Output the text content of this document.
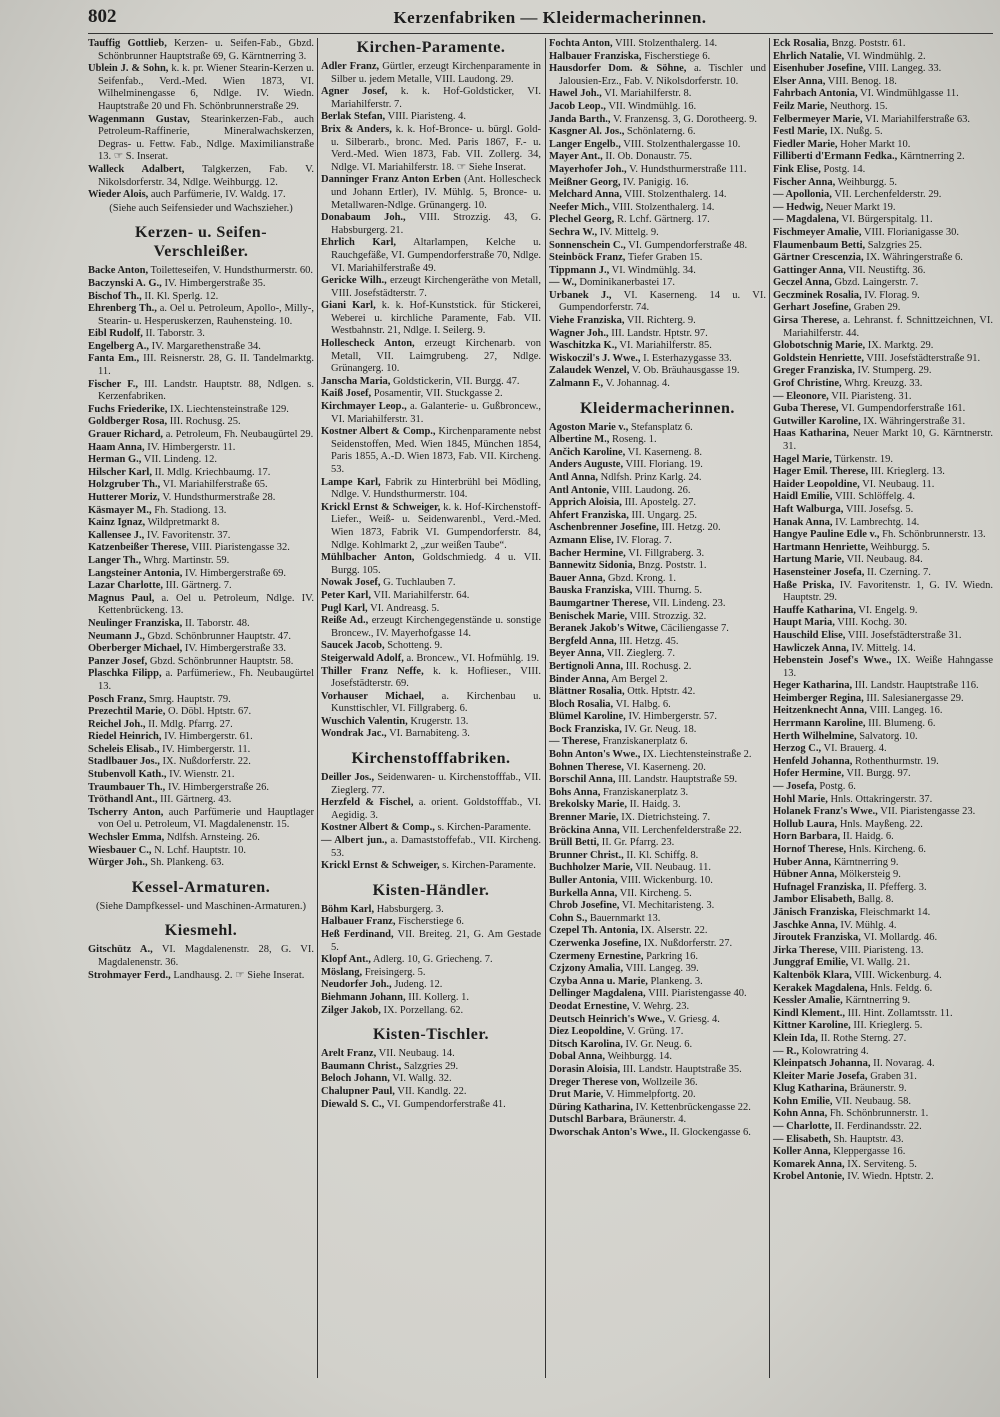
802	Kerzenfabriken — Kleidermacherinnen.
Tauffig Gottlieb, Kerzen- u. Seifen-Fab., Gbzd. Schönbrunner Hauptstraße 69, G. Kärntnerring 3.
Ublein J. & Sohn, k. k. pr. Wiener Stearin-Kerzen u. Seifenfab., Verd.-Med. Wien 1873, VI. Wilhelminengasse 6, Ndlge. IV. Wiedn. Hauptstraße 20 und Fh. Schönbrunnerstraße 29.
Wagenmann Gustav, Stearinkerzen-Fab., auch Petroleum-Raffinerie, Mineralwachskerzen, Degras- u. Fettw. Fab., Ndlge. Maximilianstraße 13. ☞ S. Inserat.
Walleck Adalbert, Talgkerzen, Fab. V. Nikolsdorferstr. 34, Ndlge. Weihburgg. 12.
Wieder Alois, auch Parfümerie, IV. Waldg. 17.
(Siehe auch Seifensieder und Wachszieher.)
Kerzen- u. Seifen-Verschleißer.
Backe Anton, Toiletteseifen, V. Hundsthurmerstr. 60.
Baczynski A. G., IV. Himbergerstraße 35.
Bischof Th., II. Kl. Sperlg. 12.
Ehrenberg Th., a. Oel u. Petroleum, Apollo-, Milly-, Stearin- u. Hesperuskerzen, Rauhensteing. 10.
Eibl Rudolf, II. Taborstr. 3.
Engelberg A., IV. Margarethenstraße 34.
Fanta Em., III. Reisnerstr. 28, G. II. Tandelmarktg. 11.
Fischer F., III. Landstr. Hauptstr. 88, Ndlgen. s. Kerzenfabriken.
Fuchs Friederike, IX. Liechtensteinstraße 129.
Goldberger Rosa, III. Rochusg. 25.
Grauer Richard, a. Petroleum, Fh. Neubaugürtel 29.
Haam Anna, IV. Himbergerstr. 11.
Herman G., VII. Lindeng. 12.
Hilscher Karl, II. Mdlg. Kriechbaumg. 17.
Holzgruber Th., VI. Mariahilferstraße 65.
Hutterer Moriz, V. Hundsthurmerstraße 28.
Käsmayer M., Fh. Stadiong. 13.
Kainz Ignaz, Wildpretmarkt 8.
Kallensee J., IV. Favoritenstr. 37.
Katzenbeißer Therese, VIII. Piaristengasse 32.
Langer Th., Whrg. Martinstr. 59.
Langsteiner Antonia, IV. Himbergerstraße 69.
Lazar Charlotte, III. Gärtnerg. 7.
Magnus Paul, a. Oel u. Petroleum, Ndlge. IV. Kettenbrückeng. 13.
Neulinger Franziska, II. Taborstr. 48.
Neumann J., Gbzd. Schönbrunner Hauptstr. 47.
Oberberger Michael, IV. Himbergerstraße 33.
Panzer Josef, Gbzd. Schönbrunner Hauptstr. 58.
Plaschka Filipp, a. Parfümeriew., Fh. Neubaugürtel 13.
Posch Franz, Smrg. Hauptstr. 79.
Prezechtil Marie, O. Döbl. Hptstr. 67.
Reichel Joh., II. Mdlg. Pfarrg. 27.
Riedel Heinrich, IV. Himbergerstr. 61.
Scheleis Elisab., IV. Himbergerstr. 11.
Stadlbauer Jos., IX. Nußdorferstr. 22.
Stubenvoll Kath., IV. Wienstr. 21.
Traumbauer Th., IV. Himbergerstraße 26.
Tröthandl Ant., III. Gärtnerg. 43.
Tscherry Anton, auch Parfümerie und Hauptlager von Oel u. Petroleum, VI. Magdalenenstr. 15.
Wechsler Emma, Ndlfsh. Arnsteing. 26.
Wiesbauer C., N. Lchf. Hauptstr. 10.
Würger Joh., Sh. Plankeng. 63.
Kessel-Armaturen.
(Siehe Dampfkessel- und Maschinen-Armaturen.)
Kiesmehl.
Gitschütz A., VI. Magdalenenstr. 28, G. VI. Magdalenenstr. 36.
Strohmayer Ferd., Landhausg. 2. ☞ Siehe Inserat.
Kirchen-Paramente.
Adler Franz, Gürtler, erzeugt Kirchenparamente in Silber u. jedem Metalle, VIII. Laudong. 29.
Agner Josef, k. k. Hof-Goldsticker, VI. Mariahilferstr. 7.
Berlak Stefan, VIII. Piaristeng. 4.
Brix & Anders, k. k. Hof-Bronce- u. bürgl. Gold- u. Silberarb., bronc. Med. Paris 1867, F.- u. Verd.-Med. Wien 1873, Fab. VII. Zollerg. 34, Ndlge. VI. Mariahilferstr. 18. ☞ Siehe Inserat.
Danninger Franz Anton Erben (Ant. Hollescheck und Johann Ertler), IV. Mühlg. 5, Bronce- u. Metallwaren-Ndlge. Grünangerg. 10.
Donabaum Joh., VIII. Strozzig. 43, G. Habsburgerg. 21.
Ehrlich Karl, Altarlampen, Kelche u. Rauchgefäße, VI. Gumpendorferstraße 70, Ndlge. VI. Mariahilferstraße 49.
Gericke Wilh., erzeugt Kirchengeräthe von Metall, VIII. Josefstädterstr. 7.
Giani Karl, k. k. Hof-Kunststick. für Stickerei, Weberei u. kirchliche Paramente, Fab. VII. Westbahnstr. 21, Ndlge. I. Seilerg. 9.
Hollescheck Anton, erzeugt Kirchenarb. von Metall, VII. Laimgrubeng. 27, Ndlge. Grünangerg. 10.
Janscha Maria, Goldstickerin, VII. Burgg. 47.
Kaiß Josef, Posamentir, VII. Stuckgasse 2.
Kirchmayer Leop., a. Galanterie- u. Gußbroncew., VI. Mariahilferstr. 31.
Kostner Albert & Comp., Kirchenparamente nebst Seidenstoffen, Med. Wien 1845, München 1854, Paris 1855, A.-D. Wien 1873, Fab. VII. Kircheng. 53.
Lampe Karl, Fabrik zu Hinterbrühl bei Mödling, Ndlge. V. Hundsthurmerstr. 104.
Krickl Ernst & Schweiger, k. k. Hof-Kirchenstoff-Liefer., Weiß- u. Seidenwarenbl., Verd.-Med. Wien 1873, Fabrik VI. Gumpendorferstr. 84, Ndlge. Kohlmarkt 2, „zur weißen Taube“.
Mühlbacher Anton, Goldschmiedg. 4 u. VII. Burgg. 105.
Nowak Josef, G. Tuchlauben 7.
Peter Karl, VII. Mariahilferstr. 64.
Pugl Karl, VI. Andreasg. 5.
Reiße Ad., erzeugt Kirchengegenstände u. sonstige Broncew., IV. Mayerhofgasse 14.
Saucek Jacob, Schotteng. 9.
Steigerwald Adolf, a. Broncew., VI. Hofmühlg. 19.
Thiller Franz Neffe, k. k. Hoflieser., VIII. Josefstädterstr. 69.
Vorhauser Michael, a. Kirchenbau u. Kunsttischler, VI. Fillgraberg. 6.
Wuschich Valentin, Krugerstr. 13.
Wondrak Jac., VI. Barnabiteng. 3.
Kirchenstofffabriken.
Deiller Jos., Seidenwaren- u. Kirchenstofffab., VII. Zieglerg. 77.
Herzfeld & Fischel, a. orient. Goldstofffab., VI. Aegidig. 3.
Kostner Albert & Comp., s. Kirchen-Paramente.
— Albert jun., a. Damaststoffefab., VII. Kircheng. 53.
Krickl Ernst & Schweiger, s. Kirchen-Paramente.
Kisten-Händler.
Böhm Karl, Habsburgerg. 3.
Halbauer Franz, Fischerstiege 6.
Heß Ferdinand, VII. Breiteg. 21, G. Am Gestade 5.
Klopf Ant., Adlerg. 10, G. Griecheng. 7.
Möslang, Freisingerg. 5.
Neudorfer Joh., Judeng. 12.
Biehmann Johann, III. Kollerg. 1.
Zilger Jakob, IX. Porzellang. 62.
Kisten-Tischler.
Arelt Franz, VII. Neubaug. 14.
Baumann Christ., Salzgries 29.
Beloch Johann, VI. Wallg. 32.
Chalupner Paul, VII. Kandlg. 22.
Diewald S. C., VI. Gumpendorferstraße 41.
Fochta Anton, VIII. Stolzenthalerg. 14.
Halbauer Franziska, Fischerstiege 6.
Hausdorfer Dom. & Söhne, a. Tischler und Jalousien-Erz., Fab. V. Nikolsdorferstr. 10.
Hawel Joh., VI. Mariahilferstr. 8.
Jacob Leop., VII. Windmühlg. 16.
Janda Barth., V. Franzensg. 3, G. Dorotheerg. 9.
Kasgner Al. Jos., Schönlaterng. 6.
Langer Engelb., VIII. Stolzenthalergasse 10.
Mayer Ant., II. Ob. Donaustr. 75.
Mayerhofer Joh., V. Hundsthurmerstraße 111.
Meißner Georg, IV. Panigig. 16.
Melchard Anna, VIII. Stolzenthalerg. 14.
Neefer Mich., VIII. Stolzenthalerg. 14.
Plechel Georg, R. Lchf. Gärtnerg. 17.
Sechra W., IV. Mittelg. 9.
Sonnenschein C., VI. Gumpendorferstraße 48.
Steinböck Franz, Tiefer Graben 15.
Tippmann J., VI. Windmühlg. 34.
— W., Dominikanerbastei 17.
Urbanek J., VI. Kaserneng. 14 u. VI. Gumpendorferstr. 74.
Viehe Franziska, VII. Richterg. 9.
Wagner Joh., III. Landstr. Hptstr. 97.
Waschitzka K., VI. Mariahilferstr. 85.
Wiskoczil's J. Wwe., I. Esterhazygasse 33.
Zalaudek Wenzel, V. Ob. Bräuhausgasse 19.
Zalmann F., V. Johannag. 4.
Kleidermacherinnen.
Agoston Marie v., Stefansplatz 6.
Albertine M., Roseng. 1.
Ančich Karoline, VI. Kaserneng. 8.
Anders Auguste, VIII. Floriang. 19.
Antl Anna, Ndlfsh. Prinz Karlg. 24.
Antl Antonie, VIII. Laudong. 26.
Apprich Aloisia, III. Apostelg. 27.
Ahfert Franziska, III. Ungarg. 25.
Aschenbrenner Josefine, III. Hetzg. 20.
Azmann Elise, IV. Florag. 7.
Bacher Hermine, VI. Fillgraberg. 3.
Bannewitz Sidonia, Bnzg. Poststr. 1.
Bauer Anna, Gbzd. Krong. 1.
Bauska Franziska, VIII. Thurng. 5.
Baumgartner Therese, VII. Lindeng. 23.
Benischek Marie, VIII. Strozzig. 32.
Beranek Jakob's Witwe, Cäciliengasse 7.
Bergfeld Anna, III. Hetzg. 45.
Beyer Anna, VII. Zieglerg. 7.
Bertignoli Anna, III. Rochusg. 2.
Binder Anna, Am Bergel 2.
Blättner Rosalia, Ottk. Hptstr. 42.
Bloch Rosalia, VI. Halbg. 6.
Blümel Karoline, IV. Himbergerstr. 57.
Bock Franziska, IV. Gr. Neug. 18.
— Therese, Franziskanerplatz 6.
Bohn Anton's Wwe., IX. Liechtensteinstraße 2.
Bohnen Therese, VI. Kaserneng. 20.
Borschil Anna, III. Landstr. Hauptstraße 59.
Bohs Anna, Franziskanerplatz 3.
Brekolsky Marie, II. Haidg. 3.
Brenner Marie, IX. Dietrichsteing. 7.
Bröckina Anna, VII. Lerchenfelderstraße 22.
Brüll Betti, II. Gr. Pfarrg. 23.
Brunner Christ., II. Kl. Schiffg. 8.
Buchholzer Marie, VII. Neubaug. 11.
Buller Antonia, VIII. Wickenburg. 10.
Burkella Anna, VII. Kircheng. 5.
Chrob Josefine, VI. Mechitaristeng. 3.
Cohn S., Bauernmarkt 13.
Czepel Th. Antonia, IX. Alserstr. 22.
Czerwenka Josefine, IX. Nußdorferstr. 27.
Czermeny Ernestine, Parkring 16.
Czjzony Amalia, VIII. Langeg. 39.
Czyba Anna u. Marie, Plankeng. 3.
Dellinger Magdalena, VIII. Piaristengasse 40.
Deodat Ernestine, V. Wehrg. 23.
Deutsch Heinrich's Wwe., V. Griesg. 4.
Diez Leopoldine, V. Grüng. 17.
Ditsch Karolina, IV. Gr. Neug. 6.
Dobal Anna, Weihburgg. 14.
Dorasin Aloisia, III. Landstr. Hauptstraße 35.
Dreger Therese von, Wollzeile 36.
Drut Marie, V. Himmelpfortg. 20.
Düring Katharina, IV. Kettenbrückengasse 22.
Dutschl Barbara, Bräunerstr. 4.
Dworschak Anton's Wwe., II. Glockengasse 6.
Eck Rosalia, Bnzg. Poststr. 61.
Ehrlich Natalie, VI. Windmühlg. 2.
Eisenhuber Josefine, VIII. Langeg. 33.
Elser Anna, VIII. Benog. 18.
Fahrbach Antonia, VI. Windmühlgasse 11.
Feilz Marie, Neuthorg. 15.
Felbermeyer Marie, VI. Mariahilferstraße 63.
Festl Marie, IX. Nußg. 5.
Fiedler Marie, Hoher Markt 10.
Filliberti d'Ermann Fedka., Kärntnerring 2.
Fink Elise, Postg. 14.
Fischer Anna, Weihburgg. 5.
— Apollonia, VII. Lerchenfelderstr. 29.
— Hedwig, Neuer Markt 19.
— Magdalena, VI. Bürgerspitalg. 11.
Fischmeyer Amalie, VIII. Florianigasse 30.
Flaumenbaum Betti, Salzgries 25.
Gärtner Crescenzia, IX. Währingerstraße 6.
Gattinger Anna, VII. Neustiftg. 36.
Geczel Anna, Gbzd. Laingerstr. 7.
Geczminek Rosalia, IV. Florag. 9.
Gerhart Josefine, Graben 29.
Girsa Therese, a. Lehranst. f. Schnittzeichnen, VI. Mariahilferstr. 44.
Globotschnig Marie, IX. Marktg. 29.
Goldstein Henriette, VIII. Josefstädterstraße 91.
Greger Franziska, IV. Stumperg. 29.
Grof Christine, Whrg. Kreuzg. 33.
— Eleonore, VII. Piaristeng. 31.
Guba Therese, VI. Gumpendorferstraße 161.
Gutwiller Karoline, IX. Währingerstraße 31.
Haas Katharina, Neuer Markt 10, G. Kärntnerstr. 31.
Hagel Marie, Türkenstr. 19.
Hager Emil. Therese, III. Krieglerg. 13.
Haider Leopoldine, VI. Neubaug. 11.
Haidl Emilie, VIII. Schlöffelg. 4.
Haft Walburga, VIII. Josefsg. 5.
Hanak Anna, IV. Lambrechtg. 14.
Hangye Pauline Edle v., Fh. Schönbrunnerstr. 13.
Hartmann Henriette, Weihburgg. 5.
Hartung Marie, VII. Neubaug. 84.
Hasensteiner Josefa, II. Czerning. 7.
Haße Priska, IV. Favoritenstr. 1, G. IV. Wiedn. Hauptstr. 29.
Hauffe Katharina, VI. Engelg. 9.
Haupt Maria, VIII. Kochg. 30.
Hauschild Elise, VIII. Josefstädterstraße 31.
Hawliczek Anna, IV. Mittelg. 14.
Hebenstein Josef's Wwe., IX. Weiße Hahngasse 13.
Heger Katharina, III. Landstr. Hauptstraße 116.
Heimberger Regina, III. Salesianergasse 29.
Heitzenknecht Anna, VIII. Langeg. 16.
Herrmann Karoline, III. Blumeng. 6.
Herth Wilhelmine, Salvatorg. 10.
Herzog C., VI. Brauerg. 4.
Henfeld Johanna, Rothenthurmstr. 19.
Hofer Hermine, VII. Burgg. 97.
— Josefa, Postg. 6.
Hohl Marie, Hnls. Ottakringerstr. 37.
Holanek Franz's Wwe., VII. Piaristengasse 23.
Hollub Laura, Hnls. Mayßeng. 22.
Horn Barbara, II. Haidg. 6.
Hornof Therese, Hnls. Kircheng. 6.
Huber Anna, Kärntnerring 9.
Hübner Anna, Mölkersteig 9.
Hufnagel Franziska, II. Pfefferg. 3.
Jambor Elisabeth, Ballg. 8.
Jänisch Franziska, Fleischmarkt 14.
Jaschke Anna, IV. Mühlg. 4.
Jiroutek Franziska, VI. Mollardg. 46.
Jirka Therese, VIII. Piaristeng. 13.
Junggraf Emilie, VI. Wallg. 21.
Kaltenbök Klara, VIII. Wickenburg. 4.
Kerakek Magdalena, Hnls. Feldg. 6.
Kessler Amalie, Kärntnerring 9.
Kindl Klement., III. Hint. Zollamtsstr. 11.
Kittner Karoline, III. Krieglerg. 5.
Klein Ida, II. Rothe Sterng. 27.
— R., Kolowratring 4.
Kleinpatsch Johanna, II. Novarag. 4.
Kleiter Marie Josefa, Graben 31.
Klug Katharina, Bräunerstr. 9.
Kohn Emilie, VII. Neubaug. 58.
Kohn Anna, Fh. Schönbrunnerstr. 1.
— Charlotte, II. Ferdinandsstr. 22.
— Elisabeth, Sh. Hauptstr. 43.
Koller Anna, Kleppergasse 16.
Komarek Anna, IX. Serviteng. 5.
Krobel Antonie, IV. Wiedn. Hptstr. 2.
